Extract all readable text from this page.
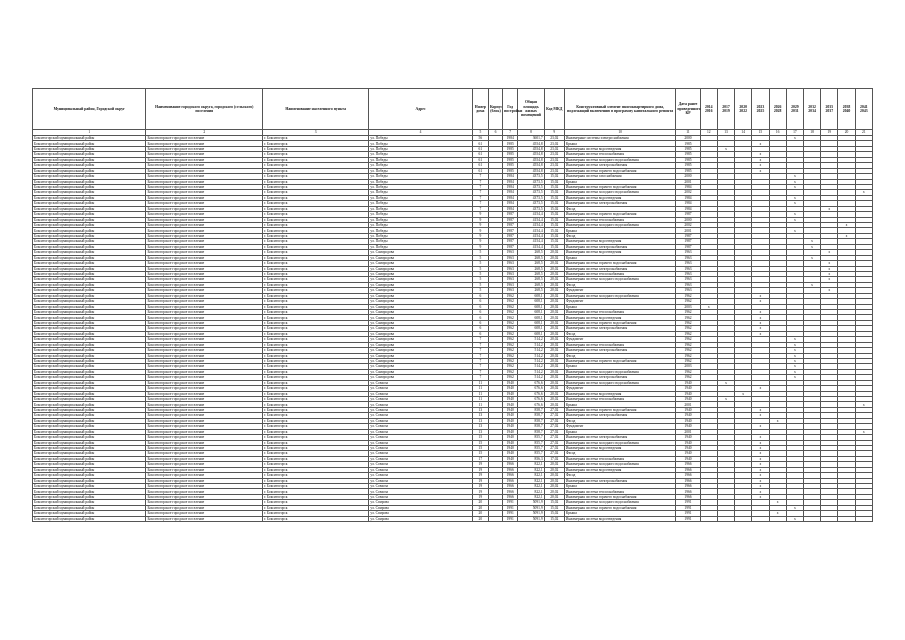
Муниципальный район, Городской округ	Наименование городского округа, городского (сельского) поселения	Наименование населенного пункта	Адрес	Номер дома	Корпус (блок)	Год постройки	Общая площадь жилых помещений	Код МКД	Конструктивный элемент многоквартирного дома, подлежащий включению в программу капитального ремонта	Дата ранее проведенного КР	2014 2016	2017 2019	2020 2022	2023 2025	2026 2028	2029 2031	2032 2034	2035 2037	2038 2040	2041 2043
1	2	3	4	5	6	7	8	9	10	11	12	13	14	15	16	17	18	19	20	21
Бокситогорский муниципальный район	Бокситогорское городское поселение	г. Бокситогорск	ул. Победы	56		1984	3601,7	23,02	Инженерные системы электроснабжения	2000						x				
Бокситогорский муниципальный район	Бокситогорское городское поселение	г. Бокситогорск	ул. Победы	61		1985	4554,8	23,02	Крыша	1985				x						
Бокситогорский муниципальный район	Бокситогорское городское поселение	г. Бокситогорск	ул. Победы	61		1985	4554,8	23,02	Инженерная система водоотведения	1985		x								
Бокситогорский муниципальный район	Бокситогорское городское поселение	г. Бокситогорск	ул. Победы	61		1985	4554,8	23,02	Инженерная система теплоснабжения	1985				x						
Бокситогорский муниципальный район	Бокситогорское городское поселение	г. Бокситогорск	ул. Победы	61		1985	4554,8	23,02	Инженерная система холодного водоснабжения	1985				x						
Бокситогорский муниципальный район	Бокситогорское городское поселение	г. Бокситогорск	ул. Победы	61		1985	4554,8	23,02	Инженерная система электроснабжения	1985				x						
Бокситогорский муниципальный район	Бокситогорское городское поселение	г. Бокситогорск	ул. Победы	61		1985	4554,8	23,02	Инженерная система горячего водоснабжения	1985				x						
Бокситогорский муниципальный район	Бокситогорское городское поселение	г. Бокситогорск	ул. Победы	7		1984	4373,5	15,02	Инженерная система газоснабжения	2000						x				
Бокситогорский муниципальный район	Бокситогорское городское поселение	г. Бокситогорск	ул. Победы	7		1984	4373,5	15,02	Крыша	2001						x				
Бокситогорский муниципальный район	Бокситогорское городское поселение	г. Бокситогорск	ул. Победы	7		1984	4373,5	15,02	Инженерная система горячего водоснабжения	1984						x				
Бокситогорский муниципальный район	Бокситогорское городское поселение	г. Бокситогорск	ул. Победы	7		1984	4373,5	15,02	Инженерная система холодного водоснабжения	2002										x
Бокситогорский муниципальный район	Бокситогорское городское поселение	г. Бокситогорск	ул. Победы	7		1984	4373,5	15,02	Инженерная система водоотведения	1984						x				
Бокситогорский муниципальный район	Бокситогорское городское поселение	г. Бокситогорск	ул. Победы	7		1984	4373,5	15,02	Инженерная система электроснабжения	1984						x				
Бокситогорский муниципальный район	Бокситогорское городское поселение	г. Бокситогорск	ул. Победы	7		1984	4373,5	15,02	Фасад	1984								x		
Бокситогорский муниципальный район	Бокситогорское городское поселение	г. Бокситогорск	ул. Победы	9		1987	4154,4	15,02	Инженерная система горячего водоснабжения	1987						x				
Бокситогорский муниципальный район	Бокситогорское городское поселение	г. Бокситогорск	ул. Победы	9		1987	4154,4	15,02	Инженерная система теплоснабжения	2000						x				
Бокситогорский муниципальный район	Бокситогорское городское поселение	г. Бокситогорск	ул. Победы	9		1987	4154,4	15,02	Инженерная система холодного водоснабжения	2002									x	
Бокситогорский муниципальный район	Бокситогорское городское поселение	г. Бокситогорск	ул. Победы	9		1987	4154,4	15,02	Крыша	2001						x				
Бокситогорский муниципальный район	Бокситогорское городское поселение	г. Бокситогорск	ул. Победы	9		1987	4154,4	15,02	Фасад	1987									x	
Бокситогорский муниципальный район	Бокситогорское городское поселение	г. Бокситогорск	ул. Победы	9		1987	4154,4	15,02	Инженерная система водоотведения	1987							x			
Бокситогорский муниципальный район	Бокситогорское городское поселение	г. Бокситогорск	ул. Победы	9		1987	4154,4	15,02	Инженерная система электроснабжения	1987							x			
Бокситогорский муниципальный район	Бокситогорское городское поселение	г. Бокситогорск	ул. Самородова	5		1963	268,5	20,02	Инженерная система водоотведения	1963								x		
Бокситогорский муниципальный район	Бокситогорское городское поселение	г. Бокситогорск	ул. Самородова	5		1963	268,5	20,02	Крыша	1963							x			
Бокситогорский муниципальный район	Бокситогорское городское поселение	г. Бокситогорск	ул. Самородова	5		1963	268,5	20,02	Инженерная система горячего водоснабжения	1963								x		
Бокситогорский муниципальный район	Бокситогорское городское поселение	г. Бокситогорск	ул. Самородова	5		1963	268,5	20,02	Инженерная система электроснабжения	1963								x		
Бокситогорский муниципальный район	Бокситогорское городское поселение	г. Бокситогорск	ул. Самородова	5		1963	268,5	20,02	Инженерная система теплоснабжения	1963								x		
Бокситогорский муниципальный район	Бокситогорское городское поселение	г. Бокситогорск	ул. Самородова	5		1963	268,5	20,02	Инженерная система холодного водоснабжения	1963								x		
Бокситогорский муниципальный район	Бокситогорское городское поселение	г. Бокситогорск	ул. Самородова	5		1963	268,5	20,02	Фасад	1963							x			
Бокситогорский муниципальный район	Бокситогорское городское поселение	г. Бокситогорск	ул. Самородова	5		1963	268,5	20,02	Фундамент	1963								x		
Бокситогорский муниципальный район	Бокситогорское городское поселение	г. Бокситогорск	ул. Самородова	6		1962	608,1	20,02	Инженерная система холодного водоснабжения	1962				x						
Бокситогорский муниципальный район	Бокситогорское городское поселение	г. Бокситогорск	ул. Самородова	6		1962	608,1	20,02	Фундамент	1962				x						
Бокситогорский муниципальный район	Бокситогорское городское поселение	г. Бокситогорск	ул. Самородова	6		1962	608,1	20,02	Крыша	2003	x									
Бокситогорский муниципальный район	Бокситогорское городское поселение	г. Бокситогорск	ул. Самородова	6		1962	608,1	20,02	Инженерная система теплоснабжения	1962				x						
Бокситогорский муниципальный район	Бокситогорское городское поселение	г. Бокситогорск	ул. Самородова	6		1962	608,1	20,02	Инженерная система водоотведения	1962				x						
Бокситогорский муниципальный район	Бокситогорское городское поселение	г. Бокситогорск	ул. Самородова	6		1962	608,1	20,02	Инженерная система горячего водоснабжения	1962				x						
Бокситогорский муниципальный район	Бокситогорское городское поселение	г. Бокситогорск	ул. Самородова	6		1962	608,1	20,02	Инженерная система электроснабжения	1962				x						
Бокситогорский муниципальный район	Бокситогорское городское поселение	г. Бокситогорск	ул. Самородова	6		1962	608,1	20,02	Фасад	1962				x						
Бокситогорский муниципальный район	Бокситогорское городское поселение	г. Бокситогорск	ул. Самородова	7		1962	514,2	20,02	Фундамент	1962						x				
Бокситогорский муниципальный район	Бокситогорское городское поселение	г. Бокситогорск	ул. Самородова	7		1962	514,2	20,02	Инженерная система теплоснабжения	1962						x				
Бокситогорский муниципальный район	Бокситогорское городское поселение	г. Бокситогорск	ул. Самородова	7		1962	514,2	20,02	Инженерная система электроснабжения	1962						x				
Бокситогорский муниципальный район	Бокситогорское городское поселение	г. Бокситогорск	ул. Самородова	7		1962	514,2	20,02	Фасад	1962						x				
Бокситогорский муниципальный район	Бокситогорское городское поселение	г. Бокситогорск	ул. Самородова	7		1962	514,2	20,02	Инженерная система горячего водоснабжения	1962						x				
Бокситогорский муниципальный район	Бокситогорское городское поселение	г. Бокситогорск	ул. Самородова	7		1962	514,2	20,02	Крыша	2003						x				
Бокситогорский муниципальный район	Бокситогорское городское поселение	г. Бокситогорск	ул. Самородова	7		1962	514,2	20,02	Инженерная система холодного водоснабжения	1962						x				
Бокситогорский муниципальный район	Бокситогорское городское поселение	г. Бокситогорск	ул. Самородова	7		1962	514,2	20,02	Инженерная система электроснабжения	1962						x				
Бокситогорский муниципальный район	Бокситогорское городское поселение	г. Бокситогорск	ул. Совхоза	11		1940	676,6	20,02	Инженерная система холодного водоснабжения	1940		x								
Бокситогорский муниципальный район	Бокситогорское городское поселение	г. Бокситогорск	ул. Совхоза	11		1940	676,6	20,02	Фундамент	1940				x						
Бокситогорский муниципальный район	Бокситогорское городское поселение	г. Бокситогорск	ул. Совхоза	11		1940	676,6	20,02	Инженерная система водоотведения	1940			x							
Бокситогорский муниципальный район	Бокситогорское городское поселение	г. Бокситогорск	ул. Совхоза	11		1940	676,6	20,02	Инженерная система теплоснабжения	1940		x								
Бокситогорский муниципальный район	Бокситогорское городское поселение	г. Бокситогорск	ул. Совхоза	11		1940	676,6	20,02	Крыша	2001										x
Бокситогорский муниципальный район	Бокситогорское городское поселение	г. Бокситогорск	ул. Совхоза	13		1940	858,7	27,02	Инженерная система горячего водоснабжения	1940				x						
Бокситогорский муниципальный район	Бокситогорское городское поселение	г. Бокситогорск	ул. Совхоза	13		1940	858,7	27,02	Инженерная система электроснабжения	1940				x						
Бокситогорский муниципальный район	Бокситогорское городское поселение	г. Бокситогорск	ул. Совхоза	13		1940	858,7	27,02	Фасад	1940					x					
Бокситогорский муниципальный район	Бокситогорское городское поселение	г. Бокситогорск	ул. Совхоза	13		1940	858,7	27,02	Фундамент	1940				x						
Бокситогорский муниципальный район	Бокситогорское городское поселение	г. Бокситогорск	ул. Совхоза	13		1940	858,7	27,02	Крыша	2001										x
Бокситогорский муниципальный район	Бокситогорское городское поселение	г. Бокситогорск	ул. Совхоза	15		1940	855,7	27,02	Инженерная система электроснабжения	1940				x						
Бокситогорский муниципальный район	Бокситогорское городское поселение	г. Бокситогорск	ул. Совхоза	15		1940	855,7	27,02	Инженерная система холодного водоснабжения	1940				x						
Бокситогорский муниципальный район	Бокситогорское городское поселение	г. Бокситогорск	ул. Совхоза	15		1940	855,7	27,02	Инженерная система водоотведения	1940				x						
Бокситогорский муниципальный район	Бокситогорское городское поселение	г. Бокситогорск	ул. Совхоза	15		1940	855,7	27,02	Фасад	1940				x						
Бокситогорский муниципальный район	Бокситогорское городское поселение	г. Бокситогорск	ул. Совхоза	17		1940	856,3	17,02	Инженерная система теплоснабжения	1940				x						
Бокситогорский муниципальный район	Бокситогорское городское поселение	г. Бокситогорск	ул. Совхоза	19		1966	822,1	20,02	Инженерная система холодного водоснабжения	1966				x						
Бокситогорский муниципальный район	Бокситогорское городское поселение	г. Бокситогорск	ул. Совхоза	19		1966	822,1	20,02	Инженерная система водоотведения	1966				x						
Бокситогорский муниципальный район	Бокситогорское городское поселение	г. Бокситогорск	ул. Совхоза	19		1966	822,1	20,02	Фасад	1966				x						
Бокситогорский муниципальный район	Бокситогорское городское поселение	г. Бокситогорск	ул. Совхоза	19		1966	822,1	20,02	Инженерная система электроснабжения	1966				x						
Бокситогорский муниципальный район	Бокситогорское городское поселение	г. Бокситогорск	ул. Совхоза	19		1966	822,1	20,02	Крыша	1966				x						
Бокситогорский муниципальный район	Бокситогорское городское поселение	г. Бокситогорск	ул. Совхоза	19		1966	822,1	20,02	Инженерная система теплоснабжения	1966				x						
Бокситогорский муниципальный район	Бокситогорское городское поселение	г. Бокситогорск	ул. Совхоза	19		1966	822,1	20,02	Инженерная система горячего водоснабжения	1966				x						
Бокситогорский муниципальный район	Бокситогорское городское поселение	г. Бокситогорск	ул. Спирова	20		1991	5091,9	15,02	Инженерная система холодного водоснабжения	1991					x					
Бокситогорский муниципальный район	Бокситогорское городское поселение	г. Бокситогорск	ул. Спирова	20		1991	5091,9	15,02	Инженерная система горячего водоснабжения	1991						x				
Бокситогорский муниципальный район	Бокситогорское городское поселение	г. Бокситогорск	ул. Спирова	20		1991	5091,9	15,02	Крыша	1991					x					
Бокситогорский муниципальный район	Бокситогорское городское поселение	г. Бокситогорск	ул. Спирова	20		1991	5091,9	15,02	Инженерная система водоотведения	1991						x				
